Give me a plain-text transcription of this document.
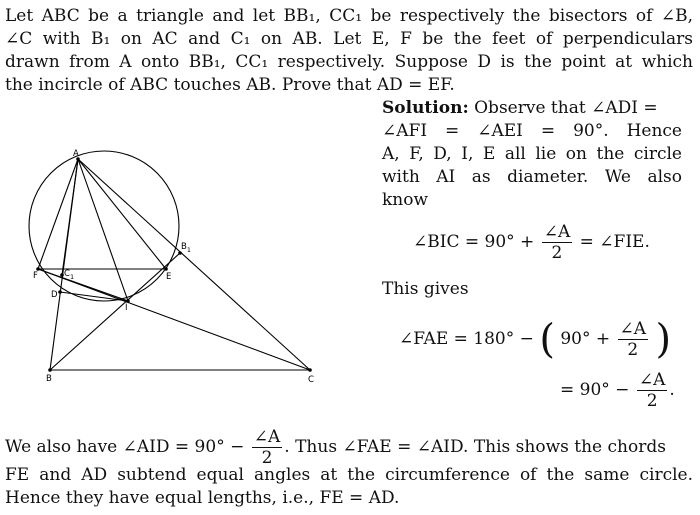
Let ABC be a triangle and let BB₁, CC₁ be respectively the bisectors of ∠B,
∠C with B₁ on AC and C₁ on AB. Let E, F be the feet of perpendiculars
drawn from A onto BB₁, CC₁ respectively. Suppose D is the point at which
the incircle of ABC touches AB. Prove that AD = EF.
A
B	C
D
E
F
I
$B_1$
$C_1$
Solution: Observe that ∠ADI =
∠AFI = ∠AEI = 90°. Hence
A, F, D, I, E all lie on the circle
with AI as diameter. We also
know
∠BIC = $90^\circ + \frac{\angle A}{2}$ = ∠FIE.
This gives
∠FAE = 180° − ( $90^\circ + \frac{\angle A}{2}$ )
= $90^\circ - \frac{\angle A}{2}$ .
We also have ∠AID = $90^\circ - \frac{\angle A}{2}$ . Thus ∠FAE = ∠AID. This shows the chords
FE and AD subtend equal angles at the circumference of the same circle.
Hence they have equal lengths, i.e., FE = AD.
